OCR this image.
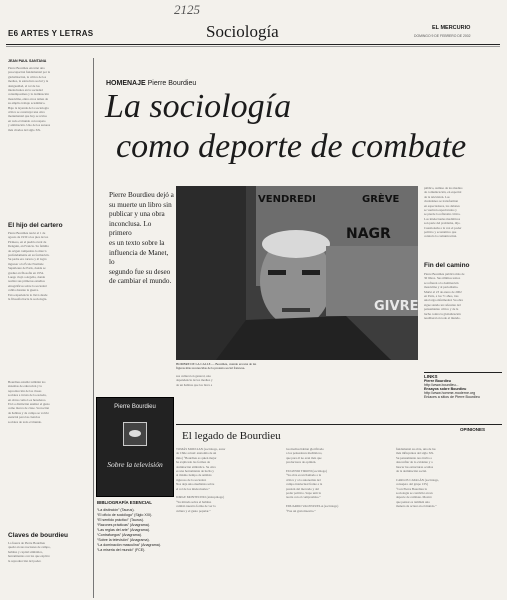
2125
E6 ARTES Y LETRAS	Sociología	EL MERCURIO
DOMINGO 9 DE FEBRERO DE 2002
JEAN PAUL SANTANA
Pierre Bourdieu encarnó una
preocupación fundamental por la
globalización, la crítica de los
medios, la estructura social y la
desigualdad, el rol de los
intelectuales en la sociedad
contemporánea y la dominación
masculina, entre otros temas de
su amplio trabajo académico.
Bajo la leyenda de la sociología
crítica se construyó una obra
monumental que hoy se revisa
en todo el mundo con respeto
y admiración. Uno de los autores
más citados del siglo XX.
El hijo del cartero
Pierre Bourdieu nació el 1 de
agosto de 1930 a los pies de los
Pirineos, en el pueblo rural de
Denguin, en Francia. Su familia
de origen campesino lo marcó
profundamente en su formación.
Su padre era cartero y él logró
ingresar a la École Normale
Supérieure de París, donde se
graduó en filosofía en 1954.
Luego viajó a Argelia, donde
realizó sus primeros estudios
etnográficos sobre la sociedad
cabila durante la guerra.
Esta experiencia lo llevó desde
la filosofía hacia la sociología.
Bourdieu estudió también los
sistemas de educación y la
reproducción de las clases
sociales a través de la escuela,
en obras como Los herederos.
En La distinción analizó el gusto
como marca de clase. Su noción
de habitus y de campo se volvió
esencial para las ciencias
sociales de todo el mundo.
Claves de bourdieu
La fuerza de Pierre Bourdieu
quedó en sus nociones de campo,
habitus y capital simbólico,
herramientas con las que explicó
la reproducción del poder.
HOMENAJE Pierre Bourdieu
La sociología
como deporte de combate
Pierre Bourdieu dejó a
su muerte un libro sin
publicar y una obra
inconclusa. Lo primero
es un texto sobre la
influencia de Manet, lo
segundo fue su deseo
de cambiar el mundo.
VENDREDI	GRÈVE
NAGR
GIVRE
HOMBRE DE LA CALLE.— Bourdieu, cuando era una de las
figuras más reconocidas de la protesta social francesa.
sus cultural en general, una
dependencia de los medios y
de un habitus que los lleva a
público, sumiso de los medios
de comunicación, en especial
de la televisión. Los
ciudadanos se transforman
en espectadores, los debates
se vuelven espectáculos y
se pierde la reflexión crítica.
Los intelectuales mediáticos
son parte del problema, dijo.
Cuestionaba a la vez el poder
político y económico que
controla la comunicación.
Fin del camino
Pierre Bourdieu publicó más de
30 libros. Sus últimos textos
se refieren a la dominación
masculina y al periodismo.
Murió el 23 de enero de 2002
en París, a los 71 años, tras
una larga enfermedad. Su obra
sigue siendo un referente del
pensamiento crítico y de la
lucha contra la globalización
neoliberal en todo el mundo.
LINKS
Pierre Bourdieu
http://www.bourdieu...
Ensayos sobre Bourdieu
http://www.homme-moderne.org
Enlaces a sitios de Pierre Bourdieu
Pierre Bourdieu
Sobre la televisión
OPINIONES
El legado de Bourdieu
TOMÁS MOULIAN (sociólogo, autor
de Chile actual: anatomía de un
mito) “Bourdieu es quien mejor
ha explicado las formas de
dominación simbólica. Su obra
es una herramienta de lucha y
al mismo tiempo de análisis
riguroso de la sociedad.
Nos deja una enseñanza sobre
el rol de los intelectuales.”

JORGE MONTECINO (antropólogo)
“Su mirada sobre el habitus
cambió nuestra forma de ver la
cultura y el gusto popular.”
los medios habían glorificado
a los pensadores mediáticos,
que para él no eran más que
productores de opinión.

EUGENIO TIRONI (sociólogo)
“Su obra es un llamado a la
crítica y a la autonomía del
campo intelectual frente a la
presión del mercado y del
poder político. Supo unir la
teoría con el compromiso.”

EDUARDO VALENZUELA (sociólogo)
“Fue un gran maestro.”
fundamentó su obra, una de las
más influyentes del siglo XX.
Su pensamiento nos invita a
desconfiar de lo evidente y a
buscar las estructuras ocultas
de la dominación social.

CARLOS CATALÁN (sociólogo,
consejero del grupo CIS)
“Con Pierre Bourdieu la
sociología se convirtió en un
deporte de combate. Mostró
que pensar es también una
manera de actuar en el mundo.”
BIBLIOGRAFÍA ESENCIAL
“La distinción” (Taurus).
“El oficio de sociólogo” (Siglo XXI).
“El sentido práctico” (Taurus).
“Razones prácticas” (Anagrama).
“Las reglas del arte” (Anagrama).
“Contrafuegos” (Anagrama).
“Sobre la televisión” (Anagrama).
“La dominación masculina” (Anagrama).
“La miseria del mundo” (FCE).
